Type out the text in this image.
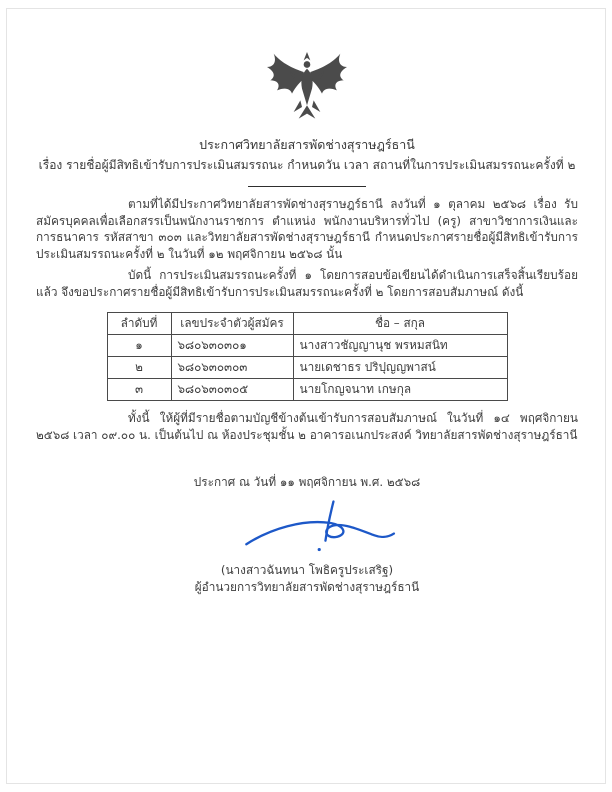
ประกาศวิทยาลัยสารพัดช่างสุราษฎร์ธานี
เรื่อง รายชื่อผู้มีสิทธิเข้ารับการประเมินสมรรถนะ กำหนดวัน เวลา สถานที่ในการประเมินสมรรถนะครั้งที่ ๒

ตามที่ได้มีประกาศวิทยาลัยสารพัดช่างสุราษฎร์ธานี ลงวันที่ ๑ ตุลาคม ๒๕๖๘ เรื่อง รับสมัครบุคคลเพื่อเลือกสรรเป็นพนักงานราชการ ตำแหน่ง พนักงานบริหารทั่วไป (ครู) สาขาวิชาการเงินและการธนาคาร รหัสสาขา ๓๐๓ และวิทยาลัยสารพัดช่างสุราษฎร์ธานี กำหนดประกาศรายชื่อผู้มีสิทธิเข้ารับการประเมินสมรรถนะครั้งที่ ๒ ในวันที่ ๑๒ พฤศจิกายน ๒๕๖๘ นั้น

บัดนี้ การประเมินสมรรถนะครั้งที่ ๑ โดยการสอบข้อเขียนได้ดำเนินการเสร็จสิ้นเรียบร้อยแล้ว จึงขอประกาศรายชื่อผู้มีสิทธิเข้ารับการประเมินสมรรถนะครั้งที่ ๒ โดยการสอบสัมภาษณ์ ดังนี้

ลำดับที่	เลขประจำตัวผู้สมัคร	ชื่อ – สกุล
๑	๖๘๐๖๓๐๓๐๑	นางสาวชัญญานุช พรหมสนิท
๒	๖๘๐๖๓๐๓๐๓	นายเดชาธร ปริปุญญพาสน์
๓	๖๘๐๖๓๐๓๐๕	นายโกญจนาท เกษกุล

ทั้งนี้ ให้ผู้ที่มีรายชื่อตามบัญชีข้างต้นเข้ารับการสอบสัมภาษณ์ ในวันที่ ๑๔ พฤศจิกายน ๒๕๖๘ เวลา ๐๙.๐๐ น. เป็นต้นไป ณ ห้องประชุมชั้น ๒ อาคารอเนกประสงค์ วิทยาลัยสารพัดช่างสุราษฎร์ธานี

ประกาศ ณ วันที่ ๑๑ พฤศจิกายน พ.ศ. ๒๕๖๘

(นางสาวฉันทนา โพธิครูประเสริฐ)

ผู้อำนวยการวิทยาลัยสารพัดช่างสุราษฎร์ธานี
